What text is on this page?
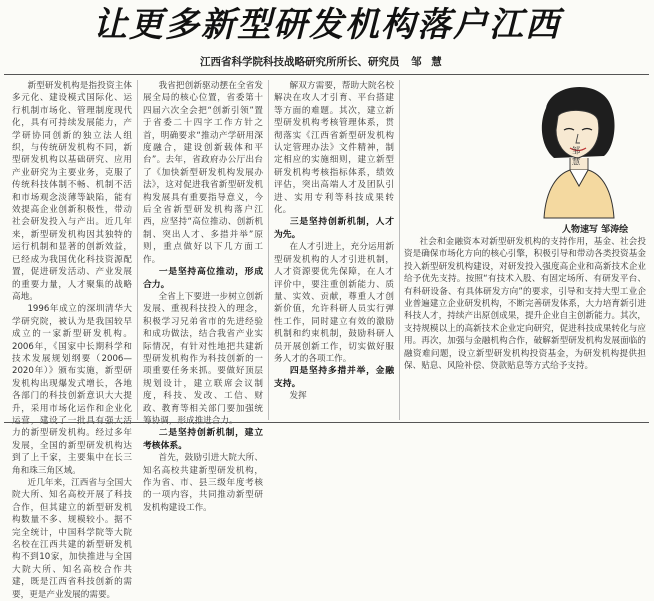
让更多新型研发机构落户江西
江西省科学院科技战略研究所所长、研究员 邹 慧

新型研发机构是指投资主体多元化、建设模式国际化、运行机制市场化、管理制度现代化，具有可持续发展能力，产学研协同创新的独立法人组织，与传统研发机构不同，新型研发机构以基础研究、应用产业研究为主要业务，克服了传统科技体制不畅、机制不活和市场观念淡薄等缺陷，能有效提高企业创新积极性，带动社会研发投入与产出。近几年来，新型研发机构因其独特的运行机制和显著的创新效益，已经成为我国优化科技资源配置，促进研发活动、产业发展的重要力量，人才聚集的战略高地。

1996年成立的深圳清华大学研究院，被认为是我国较早成立的一家新型研发机构。2006年，《国家中长期科学和技术发展规划纲要（2006—2020年）》颁布实施，新型研发机构出现爆发式增长，各地各部门的科技创新意识大大提升，采用市场化运作和企业化运营，建设了一批具有强大活力的新型研发机构。经过多年发展，全国的新型研发机构达到了上千家，主要集中在长三角和珠三角区域。

近几年来，江西省与全国大院大所、知名高校开展了科技合作，但其建立的新型研发机构数量不多、规模较小。据不完全统计，中国科学院等大院名校在江西共建的新型研发机构不到10家，加快推进与全国大院大所、知名高校合作共建，既是江西省科技创新的需要，更是产业发展的需要。

我省把创新驱动摆在全省发展全局的核心位置，省委第十四届六次全会把“创新引领”置于省委二十四字工作方针之首，明确要求“推动产学研用深度融合，建设创新载体和平台”。去年，省政府办公厅出台了《加快新型研发机构发展办法》，这对促进我省新型研发机构发展具有重要指导意义，今后全省新型研发机构落户江西，应坚持“高位推动、创新机制、突出人才、多措并举”原则，重点做好以下几方面工作。

一是坚持高位推动，形成合力。

全省上下要进一步树立创新发展、重视科技投入的理念，积极学习兄弟省市的先进经验和成功做法，结合我省产业实际情况，有针对性地把共建新型研发机构作为科技创新的一项重要任务来抓。要做好顶层规划设计，建立联席会议制度，科技、发改、工信、财政、教育等相关部门要加强统筹协调，形成推进合力。

二是坚持创新机制，建立考核体系。

首先，鼓励引进大院大所、知名高校共建新型研发机构，作为省、市、县三级年度考核的一项内容，共同推动新型研发机构建设工作。

解双方需要，帮助大院名校解决在攻人才引育、平台搭建等方面的难题。其次，建立新型研发机构考核管理体系，贯彻落实《江西省新型研发机构认定管理办法》文件精神，制定相应的实施细则，建立新型研发机构考核指标体系，绩效评估，突出高端人才及团队引进、实用专利等科技成果转化。

三是坚持创新机制，人才为先。

在人才引进上，充分运用新型研发机构的人才引进机制，人才资源要优先保障，在人才评价中，要注重创新能力、质量、实效、贡献，尊重人才创新价值，允许科研人员实行弹性工作，同时建立有效的激励机制和约束机制，鼓励科研人员开展创新工作，切实做好服务人才的各项工作。

四是坚持多措并举，金融支持。

发挥

邹 慧
人物速写 邹涛绘

社会和金融资本对新型研发机构的支持作用，基金、社会投资是确保市场化方向的核心引擎，积极引导和带动各类投资基金投入新型研发机构建设，对研发投入强度高企业和高新技术企业给予优先支持。按照“有技术入股、有固定场所、有研发平台、有科研设备、有具体研发方向”的要求，引导和支持大型工业企业普遍建立企业研发机构，不断完善研发体系，大力培育新引进科技人才，持续产出原创成果，提升企业自主创新能力。其次，支持规模以上的高新技术企业定向研究，促进科技成果转化与应用。再次，加强与金融机构合作，破解新型研发机构发展面临的融资难问题，设立新型研发机构投资基金，为研发机构提供担保、贴息、风险补偿、贷款贴息等方式给予支持。
